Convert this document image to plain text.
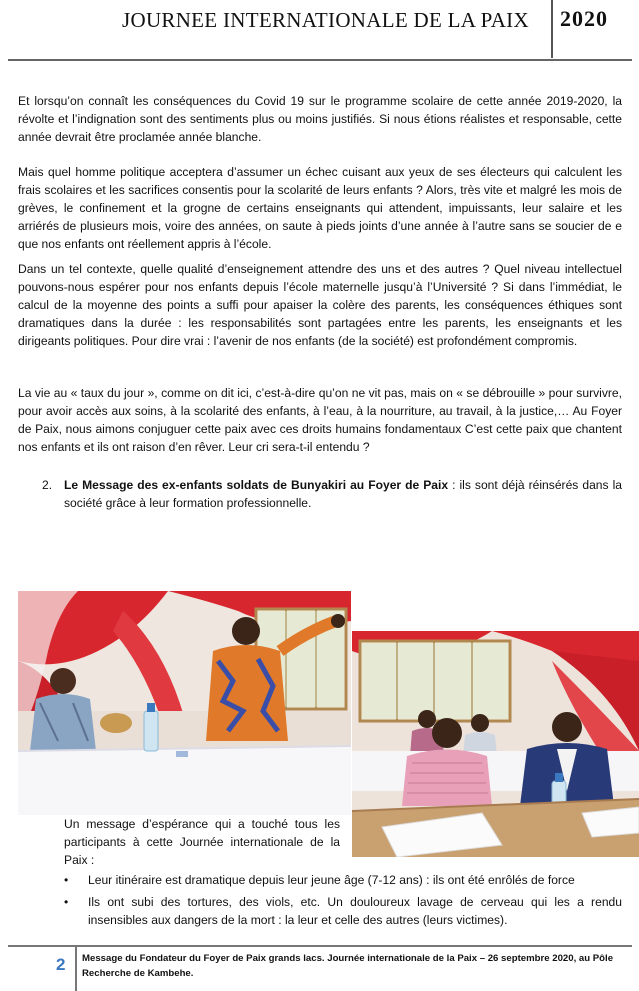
JOURNEE INTERNATIONALE DE LA PAIX	2020
Et lorsqu’on connaît les conséquences du Covid 19 sur le programme scolaire de cette année 2019-2020, la révolte et l’indignation sont des sentiments plus ou moins justifiés. Si nous étions réalistes et responsable, cette année devrait être proclamée année blanche.
Mais quel homme politique acceptera d’assumer un échec cuisant aux yeux de ses électeurs qui calculent les frais scolaires et les sacrifices consentis pour la scolarité de leurs enfants ? Alors, très vite et malgré les mois de grèves, le confinement et la grogne de certains enseignants qui attendent, impuissants, leur salaire et les arriérés de plusieurs mois, voire des années, on saute à pieds joints d’une année à l’autre sans se soucier de e que nos enfants ont réellement appris à l’école.
Dans un tel contexte, quelle qualité d’enseignement attendre des uns et des autres ? Quel niveau intellectuel pouvons-nous espérer pour nos enfants depuis l’école maternelle jusqu’à l’Université ? Si dans l’immédiat, le calcul de la moyenne des points a suffi pour apaiser la colère des parents, les conséquences éthiques sont dramatiques dans la durée : les responsabilités sont partagées entre les parents, les enseignants et les dirigeants politiques. Pour dire vrai : l’avenir de nos enfants (de la société) est profondément compromis.
La vie au « taux du jour », comme on dit ici, c’est-à-dire qu’on ne vit pas, mais on « se débrouille » pour survivre, pour avoir accès aux soins, à la scolarité des enfants, à l’eau, à la nourriture, au travail, à la justice,… Au Foyer de Paix, nous aimons conjuguer cette paix avec ces droits humains fondamentaux C’est cette paix que chantent nos enfants et ils ont raison d’en rêver. Leur cri sera-t-il entendu ?
2. Le Message des ex-enfants soldats de Bunyakiri au Foyer de Paix : ils sont déjà réinsérés dans la société grâce à leur formation professionnelle.
Un message d’espérance qui a touché tous les participants à cette Journée internationale de la Paix :
• Leur itinéraire est dramatique depuis leur jeune âge (7-12 ans) : ils ont été enrôlés de force
• Ils ont subi des tortures, des viols, etc. Un douloureux lavage de cerveau qui les a rendu insensibles aux dangers de la mort : la leur et celle des autres (leurs victimes).
2 Message du Fondateur du Foyer de Paix grands lacs. Journée internationale de la Paix – 26 septembre 2020, au Pôle Recherche de Kambehe.
